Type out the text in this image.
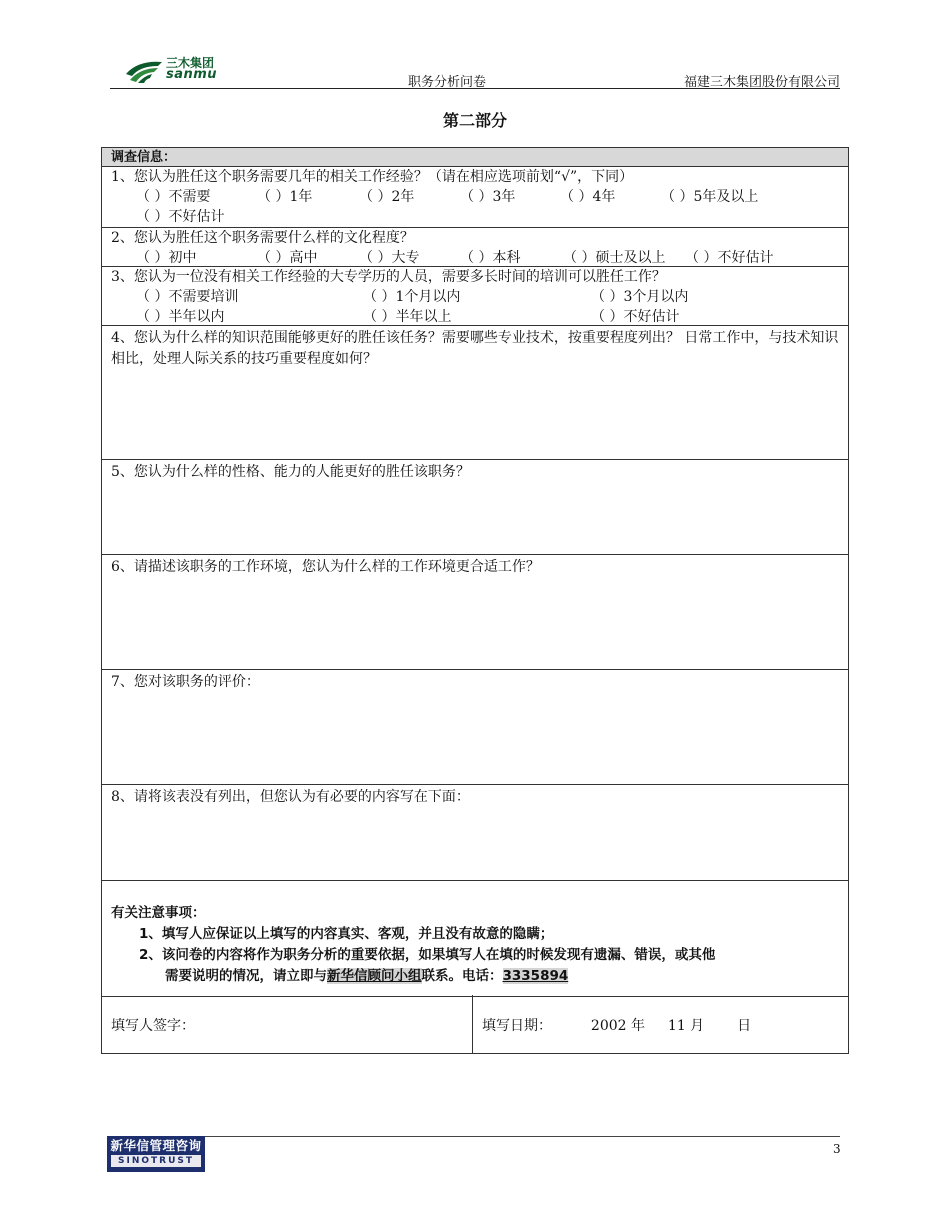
三木集团
sanmu
职务分析问卷	福建三木集团股份有限公司
第二部分
调查信息：
1、您认为胜任这个职务需要几年的相关工作经验？（请在相应选项前划“√”，下同）
（ ）不需要	（ ）1年	（ ）2年	（ ）3年	（ ）4年	（ ）5年及以上
（ ）不好估计
2、您认为胜任这个职务需要什么样的文化程度？
（ ）初中	（ ）高中	（ ）大专	（ ）本科	（ ）硕士及以上 （ ）不好估计
3、您认为一位没有相关工作经验的大专学历的人员，需要多长时间的培训可以胜任工作？
（ ）不需要培训	（ ）1个月以内	（ ）3个月以内
（ ）半年以内	（ ）半年以上	（ ）不好估计
4、您认为什么样的知识范围能够更好的胜任该任务？需要哪些专业技术，按重要程度列出？ 日常工作中，与技术知识相比，处理人际关系的技巧重要程度如何？
5、您认为什么样的性格、能力的人能更好的胜任该职务？
6、请描述该职务的工作环境，您认为什么样的工作环境更合适工作？
7、您对该职务的评价：
8、请将该表没有列出，但您认为有必要的内容写在下面：
有关注意事项：
1、填写人应保证以上填写的内容真实、客观，并且没有故意的隐瞒；
2、该问卷的内容将作为职务分析的重要依据，如果填写人在填的时候发现有遗漏、错误，或其他
需要说明的情况，请立即与新华信顾问小组联系。电话：3335894
填写人签字：	填写日期：	2002 年 11 月 日
新华信管理咨询
SINOTRUST
3
